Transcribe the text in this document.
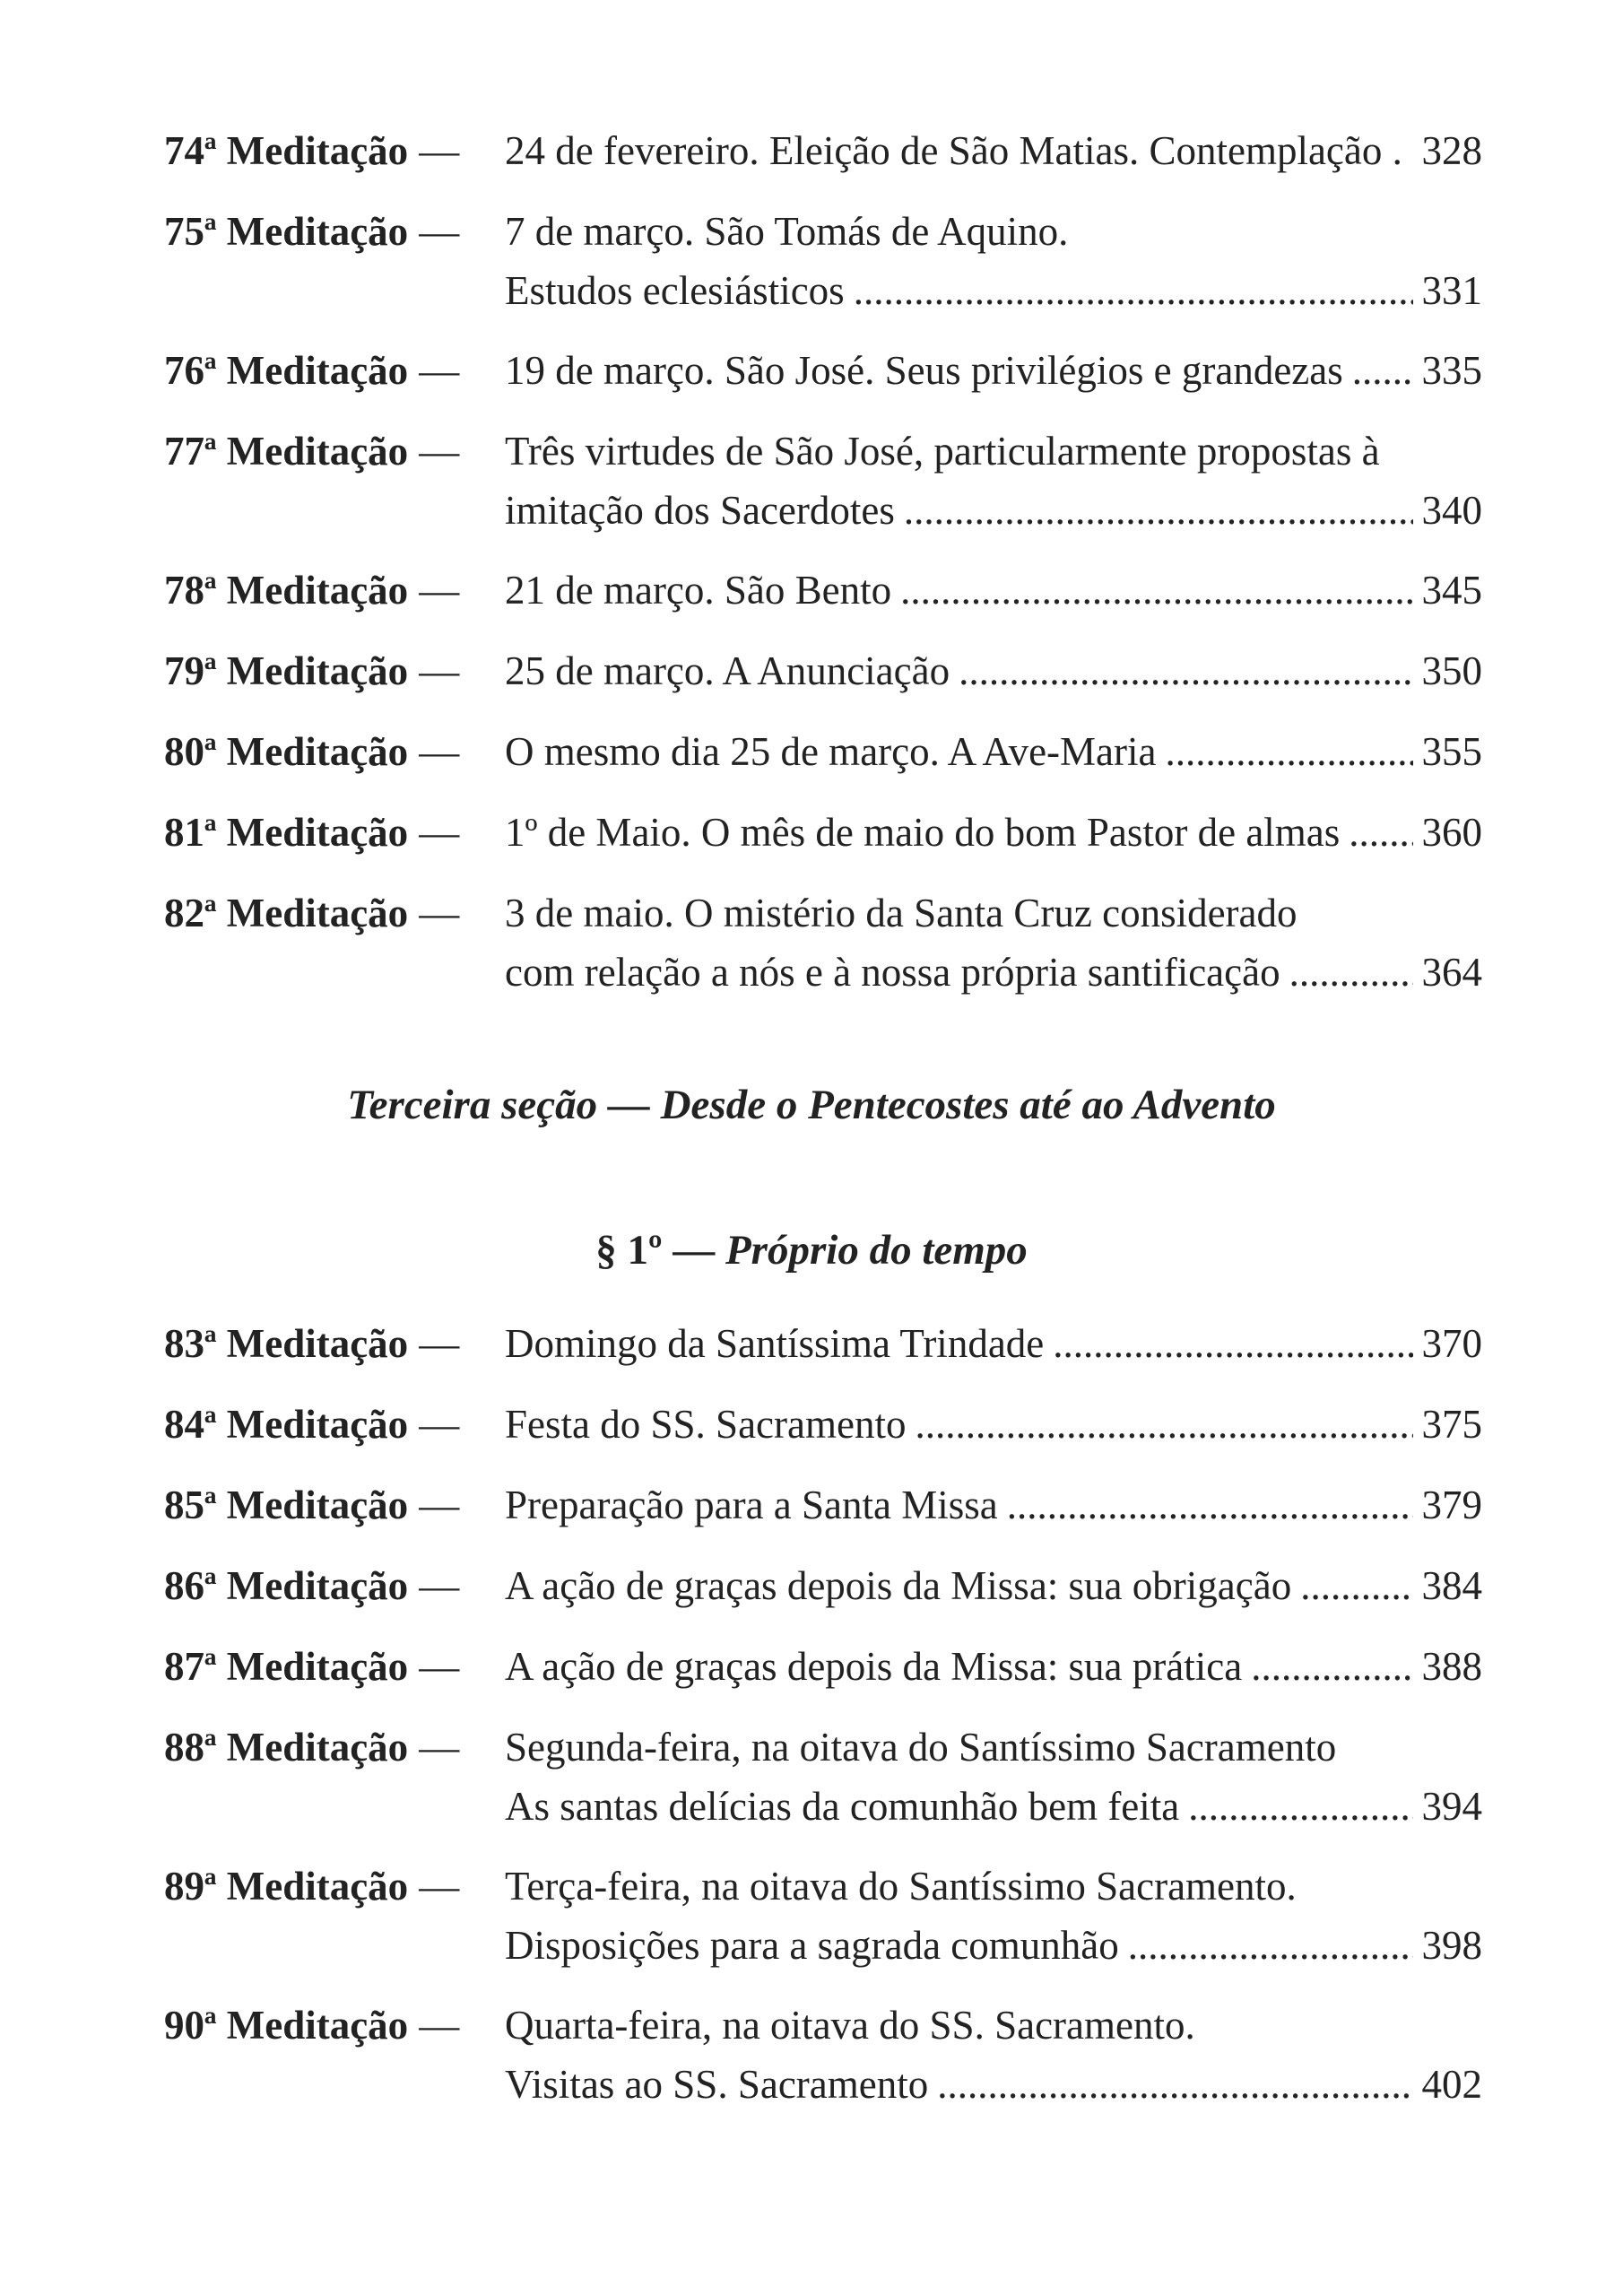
74ª Meditação —	24 de fevereiro. Eleição de São Matias. Contemplação . ..... 328
75ª Meditação —	7 de março. São Tomás de Aquino.
Estudos eclesiásticos .....	331
76ª Meditação —	19 de março. São José. Seus privilégios e grandezas ..... 335
77ª Meditação —	Três virtudes de São José, particularmente propostas à
imitação dos Sacerdotes .....	340
78ª Meditação —	21 de março. São Bento .....	345
79ª Meditação —	25 de março. A Anunciação .....	350
80ª Meditação —	O mesmo dia 25 de março. A Ave-Maria .....	355
81ª Meditação —	1º de Maio. O mês de maio do bom Pastor de almas ..... 360
82ª Meditação —	3 de maio. O mistério da Santa Cruz considerado
com relação a nós e à nossa própria santificação .....	364
83ª Meditação —	Domingo da Santíssima Trindade .....	370
84ª Meditação —	Festa do SS. Sacramento .....	375
85ª Meditação —	Preparação para a Santa Missa .....	379
86ª Meditação —	A ação de graças depois da Missa: sua obrigação .....	384
87ª Meditação —	A ação de graças depois da Missa: sua prática .....	388
88ª Meditação —	Segunda-feira, na oitava do Santíssimo Sacramento
As santas delícias da comunhão bem feita .....	394
89ª Meditação —	Terça-feira, na oitava do Santíssimo Sacramento.
Disposições para a sagrada comunhão .....	398
90ª Meditação —	Quarta-feira, na oitava do SS. Sacramento.
Visitas ao SS. Sacramento .....	402
Terceira seção — Desde o Pentecostes até ao Advento
§ 1º — Próprio do tempo
